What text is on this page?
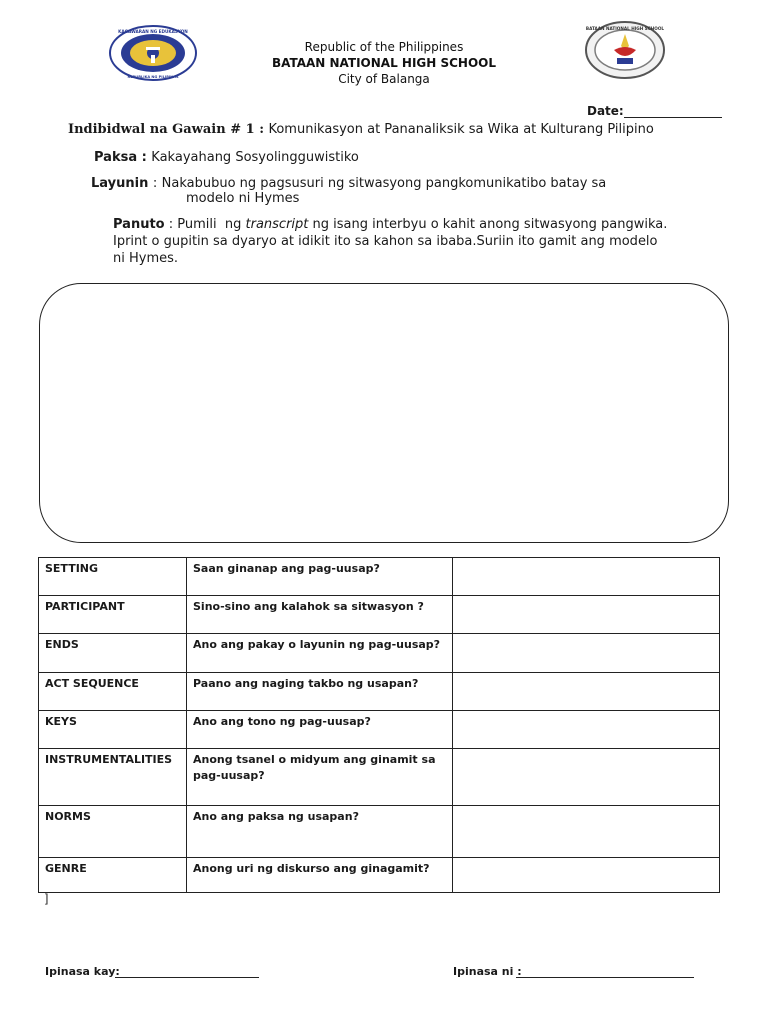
KAGAWARAN NG EDUKASYON
REPUBLIKA NG PILIPINAS
BATAAN NATIONAL HIGH SCHOOL
Republic of the Philippines
BATAAN NATIONAL HIGH SCHOOL
City of Balanga
Date:
Indibidwal na Gawain # 1 : Komunikasyon at Pananaliksik sa Wika at Kulturang Pilipino
Paksa : Kakayahang Sosyolingguwistiko
Layunin : Nakabubuo ng pagsusuri ng sitwasyong pangkomunikatibo batay sa
modelo ni Hymes
Panuto : Pumili  ng transcript ng isang interbyu o kahit anong sitwasyong pangwika.
Iprint o gupitin sa dyaryo at idikit ito sa kahon sa ibaba.Suriin ito gamit ang modelo
ni Hymes.
SETTING	Saan ginanap ang pag-uusap?	
PARTICIPANT	Sino-sino ang kalahok sa sitwasyon ?	
ENDS	Ano ang pakay o layunin ng pag-uusap?	
ACT SEQUENCE	Paano ang naging takbo ng usapan?	
KEYS	Ano ang tono ng pag-uusap?	
INSTRUMENTALITIES	Anong tsanel o midyum ang ginamit sa pag-uusap?	
NORMS	Ano ang paksa ng usapan?	
GENRE	Anong uri ng diskurso ang ginagamit?	
]
Ipinasa kay:	Ipinasa ni :
